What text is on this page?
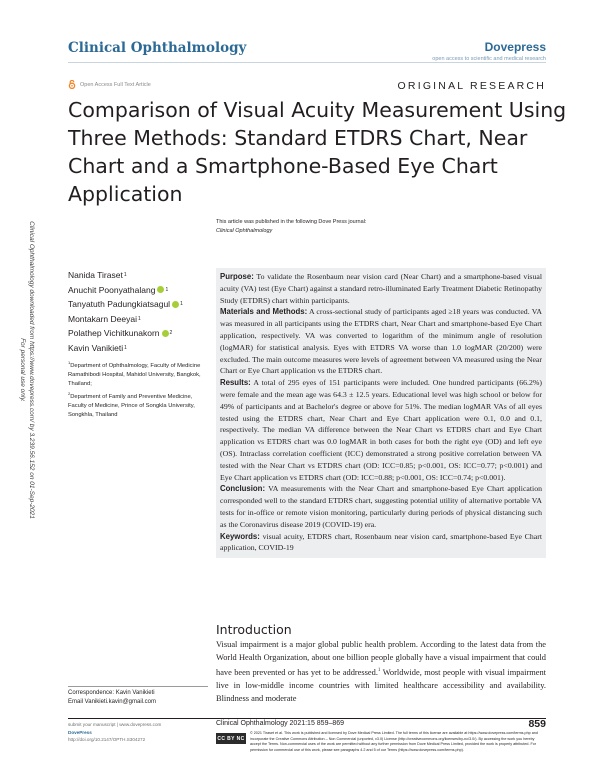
Clinical Ophthalmology	Dovepress
open access to scientific and medical research
Open Access Full Text Article	ORIGINAL RESEARCH
Comparison of Visual Acuity Measurement Using
Three Methods: Standard ETDRS Chart, Near
Chart and a Smartphone-Based Eye Chart
Application
This article was published in the following Dove Press journal:
Clinical Ophthalmology
Clinical Ophthalmology downloaded from https://www.dovepress.com/ by 3.239.56.152 on 01-Sep-2021
For personal use only.
Nanida Tiraset 1
Anuchit Poonyathalang 1
Tanyatuth Padungkiatsagul 1
Montakarn Deeyai 1
Polathep Vichitkunakorn 2
Kavin Vanikieti 1

$^1$Department of Ophthalmology, Faculty of Medicine Ramathibodi Hospital, Mahidol University, Bangkok, Thailand;

$^2$Department of Family and Preventive Medicine, Faculty of Medicine, Prince of Songkla University, Songkhla, Thailand

Purpose: To validate the Rosenbaum near vision card (Near Chart) and a smartphone-based visual acuity (VA) test (Eye Chart) against a standard retro-illuminated Early Treatment Diabetic Retinopathy Study (ETDRS) chart within participants.

Materials and Methods: A cross-sectional study of participants aged ≥18 years was conducted. VA was measured in all participants using the ETDRS chart, Near Chart and smartphone-based Eye Chart application, respectively. VA was converted to logarithm of the minimum angle of resolution (logMAR) for statistical analysis. Eyes with ETDRS VA worse than 1.0 logMAR (20/200) were excluded. The main outcome measures were levels of agreement between VA measured using the Near Chart or Eye Chart application vs the ETDRS chart.

Results: A total of 295 eyes of 151 participants were included. One hundred participants (66.2%) were female and the mean age was 64.3 ± 12.5 years. Educational level was high school or below for 49% of participants and at Bachelor's degree or above for 51%. The median logMAR VAs of all eyes tested using the ETDRS chart, Near Chart and Eye Chart application were 0.1, 0.0 and 0.1, respectively. The median VA difference between the Near Chart vs ETDRS chart and Eye Chart application vs ETDRS chart was 0.0 logMAR in both cases for both the right eye (OD) and left eye (OS). Intraclass correlation coefficient (ICC) demonstrated a strong positive correlation between VA tested with the Near Chart vs ETDRS chart (OD: ICC=0.85; p<0.001, OS: ICC=0.77; p<0.001) and Eye Chart application vs ETDRS chart (OD: ICC=0.88; p<0.001, OS: ICC=0.74; p<0.001).

Conclusion: VA measurements with the Near Chart and smartphone-based Eye Chart application corresponded well to the standard ETDRS chart, suggesting potential utility of alternative portable VA tests for in-office or remote vision monitoring, particularly during periods of physical distancing such as the Coronavirus disease 2019 (COVID-19) era.

Keywords: visual acuity, ETDRS chart, Rosenbaum near vision card, smartphone-based Eye Chart application, COVID-19

Introduction
Visual impairment is a major global public health problem. According to the latest data from the World Health Organization, about one billion people globally have a visual impairment that could have been prevented or has yet to be addressed.$^1$ Worldwide, most people with visual impairment live in low-middle income countries with limited healthcare accessibility and availability. Blindness and moderate
Correspondence: Kavin Vanikieti
Email Vanikieti.kavin@gmail.com
submit your manuscript | www.dovepress.com
DovePress
http://doi.org/10.2147/OPTH.S304272
Clinical Ophthalmology 2021:15 859–869	859
CC BY NC
© 2021 Tiraset et al. This work is published and licensed by Dove Medical Press Limited. The full terms of this license are available at https://www.dovepress.com/terms.php and incorporate the Creative Commons Attribution – Non Commercial (unported, v3.0) License (http://creativecommons.org/licenses/by-nc/3.0/). By accessing the work you hereby accept the Terms. Non-commercial uses of the work are permitted without any further permission from Dove Medical Press Limited, provided the work is properly attributed. For permission for commercial use of this work, please see paragraphs 4.2 and 5 of our Terms (https://www.dovepress.com/terms.php).
